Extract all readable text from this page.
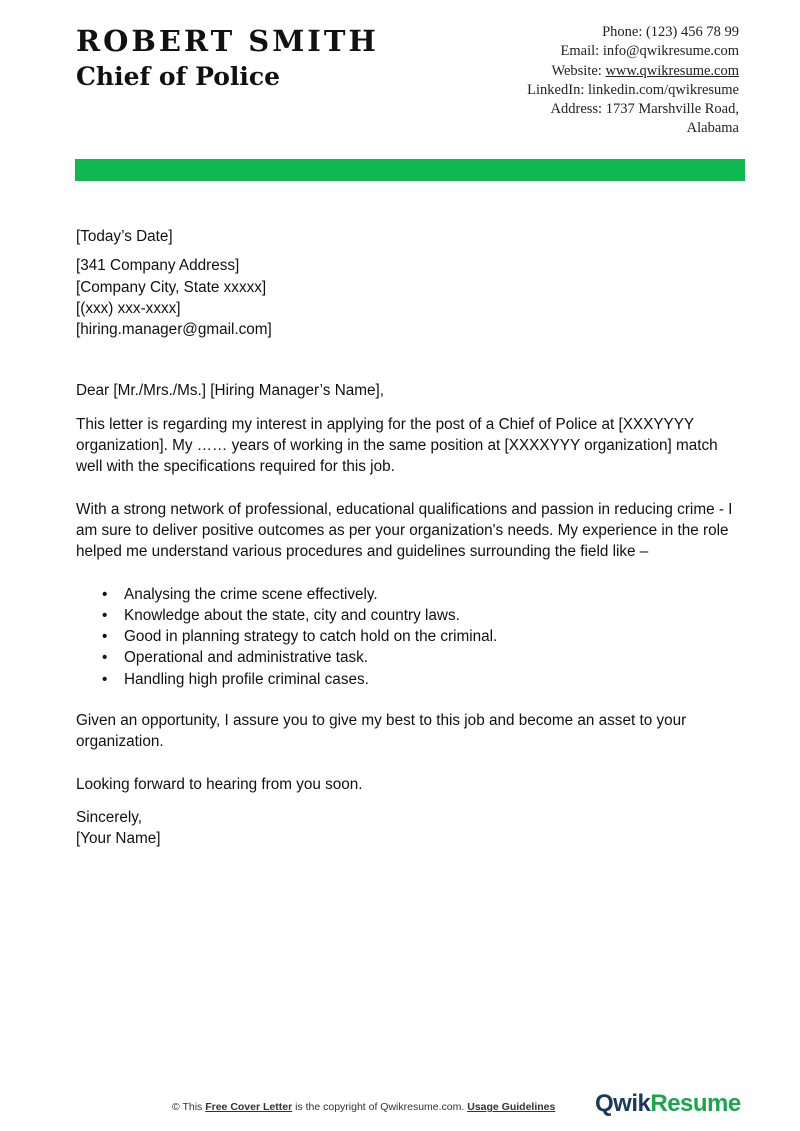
ROBERT SMITH
Chief of Police
Phone: (123) 456 78 99
Email: info@qwikresume.com
Website: www.qwikresume.com
LinkedIn: linkedin.com/qwikresume
Address: 1737 Marshville Road,
Alabama

[Today’s Date]

[341 Company Address]
[Company City, State xxxxx]
[(xxx) xxx-xxxx]
[hiring.manager@gmail.com]

Dear [Mr./Mrs./Ms.] [Hiring Manager’s Name],

This letter is regarding my interest in applying for the post of a Chief of Police at [XXXYYYY organization]. My …… years of working in the same position at [XXXXYYY organization] match well with the specifications required for this job.

With a strong network of professional, educational qualifications and passion in reducing crime - I am sure to deliver positive outcomes as per your organization's needs. My experience in the role helped me understand various procedures and guidelines surrounding the field like –

• Analysing the crime scene effectively.
• Knowledge about the state, city and country laws.
• Good in planning strategy to catch hold on the criminal.
• Operational and administrative task.
• Handling high profile criminal cases.

Given an opportunity, I assure you to give my best to this job and become an asset to your organization.

Looking forward to hearing from you soon.

Sincerely,

[Your Name]

© This Free Cover Letter is the copyright of Qwikresume.com. Usage Guidelines QwikResume
